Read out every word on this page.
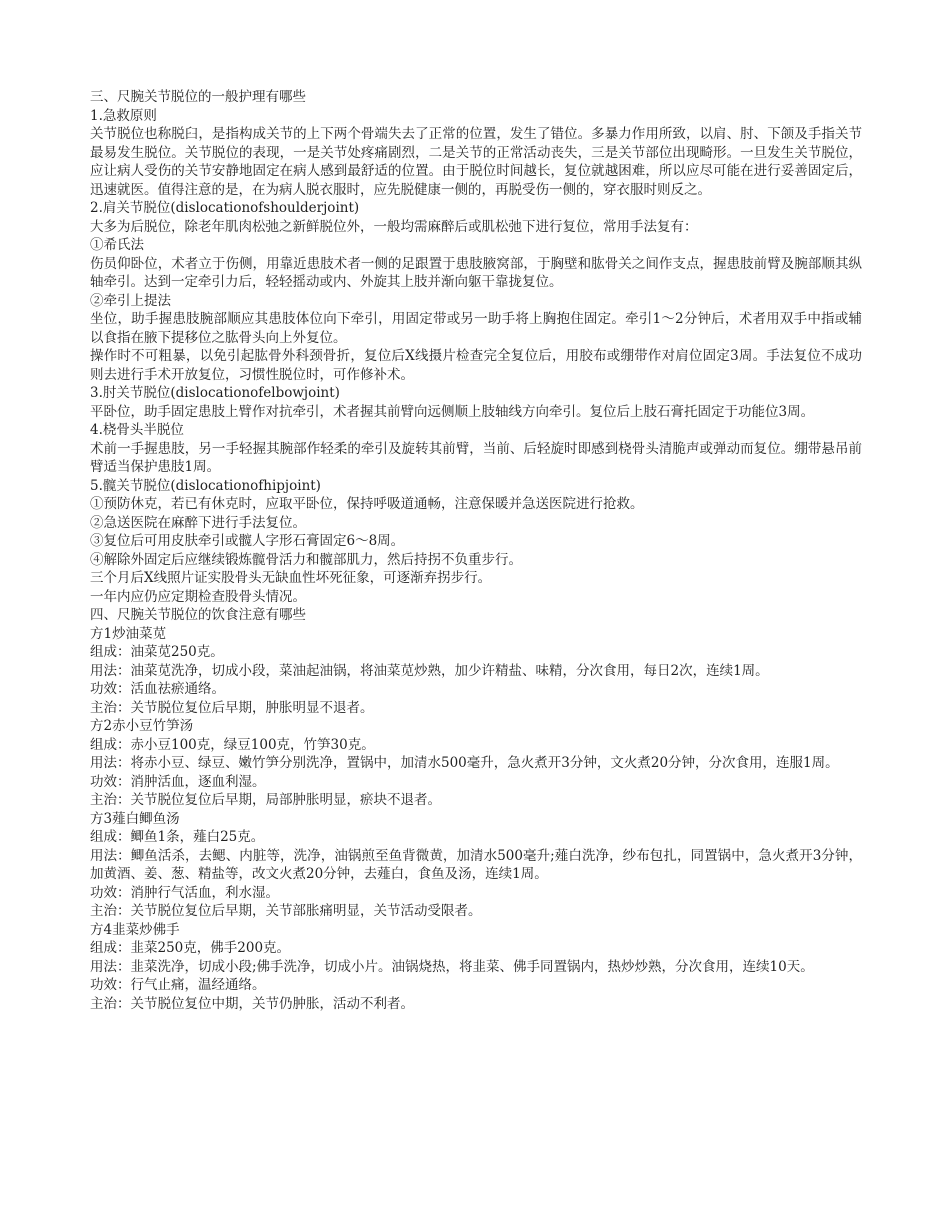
三、尺腕关节脱位的一般护理有哪些

1.急救原则

关节脱位也称脱臼，是指构成关节的上下两个骨端失去了正常的位置，发生了错位。多暴力作用所致，以肩、肘、下颌及手指关节最易发生脱位。关节脱位的表现，一是关节处疼痛剧烈，二是关节的正常活动丧失，三是关节部位出现畸形。一旦发生关节脱位，应让病人受伤的关节安静地固定在病人感到最舒适的位置。由于脱位时间越长，复位就越困难，所以应尽可能在进行妥善固定后，迅速就医。值得注意的是，在为病人脱衣服时，应先脱健康一侧的，再脱受伤一侧的，穿衣服时则反之。

2.肩关节脱位(dislocationofshoulderjoint)

大多为后脱位，除老年肌肉松弛之新鲜脱位外，一般均需麻醉后或肌松弛下进行复位，常用手法复有：

①希氏法

伤员仰卧位，术者立于伤侧，用靠近患肢术者一侧的足跟置于患肢腋窝部，于胸壁和肱骨关之间作支点，握患肢前臂及腕部顺其纵轴牵引。达到一定牵引力后，轻轻摇动或内、外旋其上肢并渐向躯干靠拢复位。

②牵引上提法

坐位，助手握患肢腕部顺应其患肢体位向下牵引，用固定带或另一助手将上胸抱住固定。牵引1～2分钟后，术者用双手中指或辅以食指在腋下提移位之肱骨头向上外复位。

操作时不可粗暴，以免引起肱骨外科颈骨折，复位后X线摄片检查完全复位后，用胶布或绷带作对肩位固定3周。手法复位不成功则去进行手术开放复位，习惯性脱位时，可作修补术。

3.肘关节脱位(dislocationofelbowjoint)

平卧位，助手固定患肢上臂作对抗牵引，术者握其前臂向远侧顺上肢轴线方向牵引。复位后上肢石膏托固定于功能位3周。

4.桡骨头半脱位

术前一手握患肢，另一手轻握其腕部作轻柔的牵引及旋转其前臂，当前、后轻旋时即感到桡骨头清脆声或弹动而复位。绷带悬吊前臂适当保护患肢1周。

5.髋关节脱位(dislocationofhipjoint)

①预防休克，若已有休克时，应取平卧位，保持呼吸道通畅，注意保暖并急送医院进行抢救。

②急送医院在麻醉下进行手法复位。

③复位后可用皮肤牵引或髋人字形石膏固定6～8周。

④解除外固定后应继续锻炼髋骨活力和髋部肌力，然后持拐不负重步行。

三个月后X线照片证实股骨头无缺血性坏死征象，可逐渐弃拐步行。

一年内应仍应定期检查股骨头情况。

四、尺腕关节脱位的饮食注意有哪些

方1炒油菜苋

组成：油菜苋250克。

用法：油菜苋洗净，切成小段，菜油起油锅，将油菜苋炒熟，加少许精盐、味精，分次食用，每日2次，连续1周。

功效：活血祛瘀通络。

主治：关节脱位复位后早期，肿胀明显不退者。

方2赤小豆竹笋汤

组成：赤小豆100克，绿豆100克，竹笋30克。

用法：将赤小豆、绿豆、嫩竹笋分别洗净，置锅中，加清水500毫升，急火煮开3分钟，文火煮20分钟，分次食用，连服1周。

功效：消肿活血，逐血利湿。

主治：关节脱位复位后早期，局部肿胀明显，瘀块不退者。

方3薤白鲫鱼汤

组成：鲫鱼1条，薤白25克。

用法：鲫鱼活杀，去鳃、内脏等，洗净，油锅煎至鱼背微黄，加清水500毫升;薤白洗净，纱布包扎，同置锅中，急火煮开3分钟，加黄酒、姜、葱、精盐等，改文火煮20分钟，去薤白，食鱼及汤，连续1周。

功效：消肿行气活血，利水湿。

主治：关节脱位复位后早期，关节部胀痛明显，关节活动受限者。

方4韭菜炒佛手

组成：韭菜250克，佛手200克。

用法：韭菜洗净，切成小段;佛手洗净，切成小片。油锅烧热，将韭菜、佛手同置锅内，热炒炒熟，分次食用，连续10天。

功效：行气止痛，温经通络。

主治：关节脱位复位中期，关节仍肿胀，活动不利者。
